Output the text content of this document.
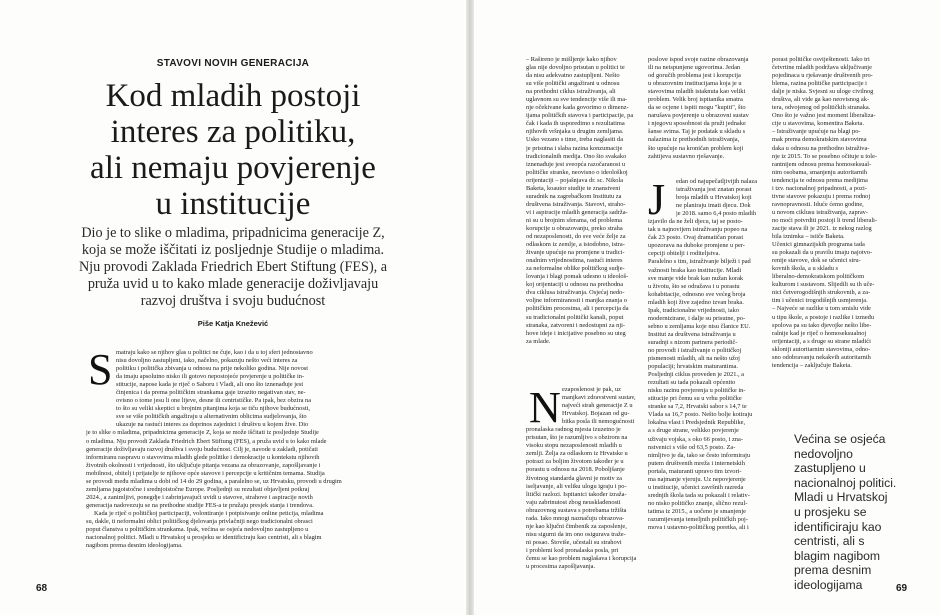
STAVOVI NOVIH GENERACIJA
Kod mladih postoji
interes za politiku,
ali nemaju povjerenje
u institucije
Dio je to slike o mladima, pripadnicima generacije Z,
koja se može iščitati iz posljednje Studije o mladima.
Nju provodi Zaklada Friedrich Ebert Stiftung (FES), a
pruža uvid u to kako mlade generacije doživljavaju
razvoj društva i svoju budućnost
Piše Katja Knežević
68	69
S matraju kako se njihov glas u politici ne čuje, kao i da u toj sferi jednostavno
nisu dovoljno zastupljeni, iako, načelno, pokazuju nešto veći interes za
politiku i politička zbivanja u odnosu na prije nekoliko godina. Nije novost
da imaju apsolutno nisko ili gotovo nepostojeće povjerenje u političke in-
stitucije, napose kada je riječ o Saboru i Vladi, ali ono što iznenađuje jest
činjenica i da prema političkim strankama gaje izrazito negativan stav, ne-
ovisno o tome jesu li one lijeve, desne ili centrističke. Pa ipak, bez obzira na
to što su veliki skeptici u brojnim pitanjima koja se tiču njihove budućnosti,
sve se više političkih angažiraju u alternativnim oblicima sudjelovanja, što
ukazuje na rastući interes za doprinos zajednici i društvu u kojem žive. Dio
je to slike o mladima, pripadnicima generacije Z, koja se može iščitati iz posljednje Studije
o mladima. Nju provodi Zaklada Friedrich Ebert Stiftung (FES), a pruža uvid u to kako mlade
generacije doživljavaju razvoj društva i svoju budućnost. Cilj je, navode u zakladi, potičati
informiranu raspravu o stavovima mladih glede politike i demokracije u kontekstu njihovih
životnih okolnosti i vrijednosti, što uključuje pitanja vezana za obrazovanje, zapošljavanje i
mobilnost, obitelj i prijatelje te njihove opće stavove i percepcije u kritičnim temama. Studija
se provodi među mladima u dobi od 14 do 29 godina, a paralelno se, uz Hrvatsku, provodi u drugim
zemljama jugoistočne i srednjoistočne Europe. Posljednji su rezultati objavljeni potkraj
2024., a zanimljivi, ponegdje i zabrinjavajući uvidi u stavove, strahove i aspiracije novih
generacija nadovezuju se na prethodne studije FES-a te pružaju presjek stanja i trendova.
Kada je riječ o političkoj participaciji, volontiranje i potpisivanje online peticija, mladima
su, dakle, ti neformalni oblici političkog djelovanja privlačniji nego tradicionalni obrasci
poput članstva u političkim strankama. Ipak, većina se osjeća nedovoljno zastupljeno u
nacionalnoj politici. Mladi u Hrvatskoj u prosjeku se identificiraju kao centristi, ali s blagim
nagibom prema desnim ideologijama.
– Rašireno je mišljenje kako njihov
glas nije dovoljno prisutan u politici te
da nisu adekvatno zastupljeni. Nešto
su više politički angažirani u odnosu
na prethodni ciklus istraživanja, ali
uglavnom su sve tendencije više ili ma-
nje očekivane kada govorimo o dimenz-
ijama političkih stavova i participacije, pa
čak i kada ih usporedimo s rezultatima
njihovih vršnjaka u drugim zemljama.
Usko vezano s time, treba naglasiti da
je prisutna i slaba razina konzumacije
tradicionalnih medija. Ono što svakako
iznenađuje jest sveopća razočaranost u
političke stranke, neovisno o ideološkoj
orijentaciji – pojašnjava dr. sc. Nikola
Baketa, koautor studije te znanstveni
suradnik na zagrebačkom Institutu za
društvena istraživanja. Stavovi, straho-
vi i aspiracije mladih generacija sadrža-
ni su u brojnim sferama, od problema
korupcije u obrazovanju, preko straha
od nezaposlenosti, do sve veće želje za
odlaskom iz zemlje, a istodobno, istra-
živanje upućuje na promjene u tradici-
onalnim vrijednostima, rastući interes
za neformalne oblike političkog sudje-
lovanja i blagi pomak udesno u ideološ-
koj orijentaciji u odnosu na prethodna
dva ciklusa istraživanja. Osjećaj nedo-
voljne informiranosti i manjka znanja o
političkim procesima, ali i percepcija da
su tradicionalni politički kanali, poput
stranaka, zatvoreni i nedostupni za nji-
hove ideje i inicijative posebno su uteg
za mlade.
N ezaposlenost je pak, uz
manjkavi zdravstveni sustav,
najveći strah generacije Z u
Hrvatskoj. Bojazan od gu-
bitka posla ili nemogućnosti
pronalaska radnog mjesta izuzetno je
prisutan, što je razumljivo s obzirom na
visoku stopu nezaposlenosti mladih u
zemlji. Želja za odlaskom iz Hrvatske u
potrazi za boljim životom također je u
porastu u odnosu na 2018. Poboljšanje
životnog standarda glavni je motiv za
iseljavanje, ali veliku ulogu igraju i po-
litički razlozi. Ispitanici također izraža-
vaju zabrinutost zbog neusklađenosti
obrazovnog sustava s potrebama tržišta
rada. Iako mnogi naznačuju obrazova-
nje kao ključni čimbenik za zaposlenje,
nisu sigurni da im ono osigurava traže-
ni posao. Štoviše, učestali su strahovi
i problemi kod pronalaska posla, pri
čemu se kao problem naglašava i korupcija
u procesima zapošljavanja.
poslove ispod svoje razine obrazovanja
ili na neispunjene ugovorima. Jedan
od goručih problema jest i korupcija
u obrazovnim institucijama koja je u
stavovima mladih istaknuta kao veliki
problem. Velik broj ispitanika smatra
da se ocjene i ispiti mogu "kupiti", što
narušava povjerenje u obrazovni sustav
i njegovu sposobnost da pruži jednake
šanse svima. Taj je podatak u skladu s
nalazima iz prethodnih istraživanja,
što upućuje na kroničan problem koji
zahtijeva sustavno rješavanje.
J edan od najupečatljivijih nalaza
istraživanja jest znatan porast
broja mladih u Hrvatskoj koji
ne planiraju imati djecu. Dok
je 2018. samo 6,4 posto mladih
izjavilo da ne želi djecu, taj se posto-
tak u najnovijem istraživanju popeo na
čak 23 posto. Ovaj dramatičan porast
upozorava na duboke promjene u per-
cepciji obitelji i roditeljstva.
Paralelno s tim, istraživanje bilježi i pad
važnosti braka kao institucije. Mladi
sve manje vide brak kao nužan korak
u životu, što se odražava i u porastu
kohabitacije, odnosno sve većeg broja
mladih koji žive zajedno izvan braka.
Ipak, tradicionalne vrijednosti, iako
modernizirane, i dalje su prisutne, po-
sebno u zemljama koje nisu članice EU.
Institut za društvena istraživanja u
suradnji s nizom partnera periodič-
no provodi i istraživanje o političkoj
pismenosti mladih, ali na nešto užoj
populaciji; hrvatskim maturantima.
Posljednji ciklus proveden je 2021., a
rezultati su tada pokazali općenito
nisku razinu povjerenja u političke in-
stitucije pri čemu su u vrhu političke
stranke sa 7,2, Hrvatski sabor s 14,7 te
Vlada sa 16,7 posto. Nešto bolje kotiraju
lokalna vlast i Predsjednik Republike,
a s druge strane, velikko povjerenje
uživaju vojska, s oko 66 posto, i zna-
nstvenici s više od 63,5 posto. Za-
nimljivo je da, iako se često informiraju
putem društvenih mreža i internetskih
portala, maturanti upravo tim izvori-
ma najmanje vjeruju. Uz nepovjerenje
u institucije, učenici završnih razreda
srednjih škola tada su pokazali i relativ-
no nisko političko znanje, slično rezul-
tatima iz 2015., a uočeno je smanjenje
razumijevanja temeljnih političkih poj-
mova i ustavno-političkog poretka, ali i
porast političke osviještenosti. Iako tri
četvrtine mladih podržava uključivanje
pojedinaca u rješavanje društvenih pro-
blema, razina političke participacije i
dalje je niska. Svjesni su uloge civilnog
društva, ali vide ga kao neovisnog ak-
tera, odvojenog od političkih stranaka.
Ono što je važno jest moment liberaliza-
cije u stavovima, komentira Baketa.
– Istraživanje upućuje na blagi po-
mak prema demokratskim stavovima
daka u odnosu na prethodno istraživa-
nje iz 2015. To se posebno očituje u tole-
rantnijem odnosu prema homoseksual-
nim osobama, smanjenju autoritarnih
tendencija te odnosu prema medijima
i tzv. nacionalnoj pripadnosti, a pozi-
tivne stavove pokazuju i prema rodnoj
ravnopravnosti. Iduće ćemo godine,
u novom ciklusu istraživanja, zaprav-
no moći potvrditi postoji li trend liberali-
zacije stava ili je 2021. iz nekog razlog
bila iznimka – ističe Baketa.
Učenici gimnazijskih programa tada
su pokazali da u pravilu imaju najotvo-
renije stavove, dok se učenici stru-
kovnih škola, a u skladu s
liberalno-demokratskom političkom
kulturom i sustavom. Slijedili su ih uče-
nici četverogodišnjih strukovnih, a za-
tim i učenici trogodišnjih usmjerenja.
– Najveće se razlike u tom smislu vide
u tipu škole, a postoje i razlike i između
spolova pa su tako djevojke nešto libe-
ralnije kad je riječ o homoseksualnoj
orijentaciji, a s druge su strane mladići
skloniji autoritarnim stavovima, odno-
sno odobravanju nekakvih autoritarnih
tendencija – zaključuje Baketa.
Većina se osjeća
nedovoljno
zastupljeno u
nacionalnoj politici.
Mladi u Hrvatskoj
u prosjeku se
identificiraju kao
centristi, ali s
blagim nagibom
prema desnim
ideologijama
